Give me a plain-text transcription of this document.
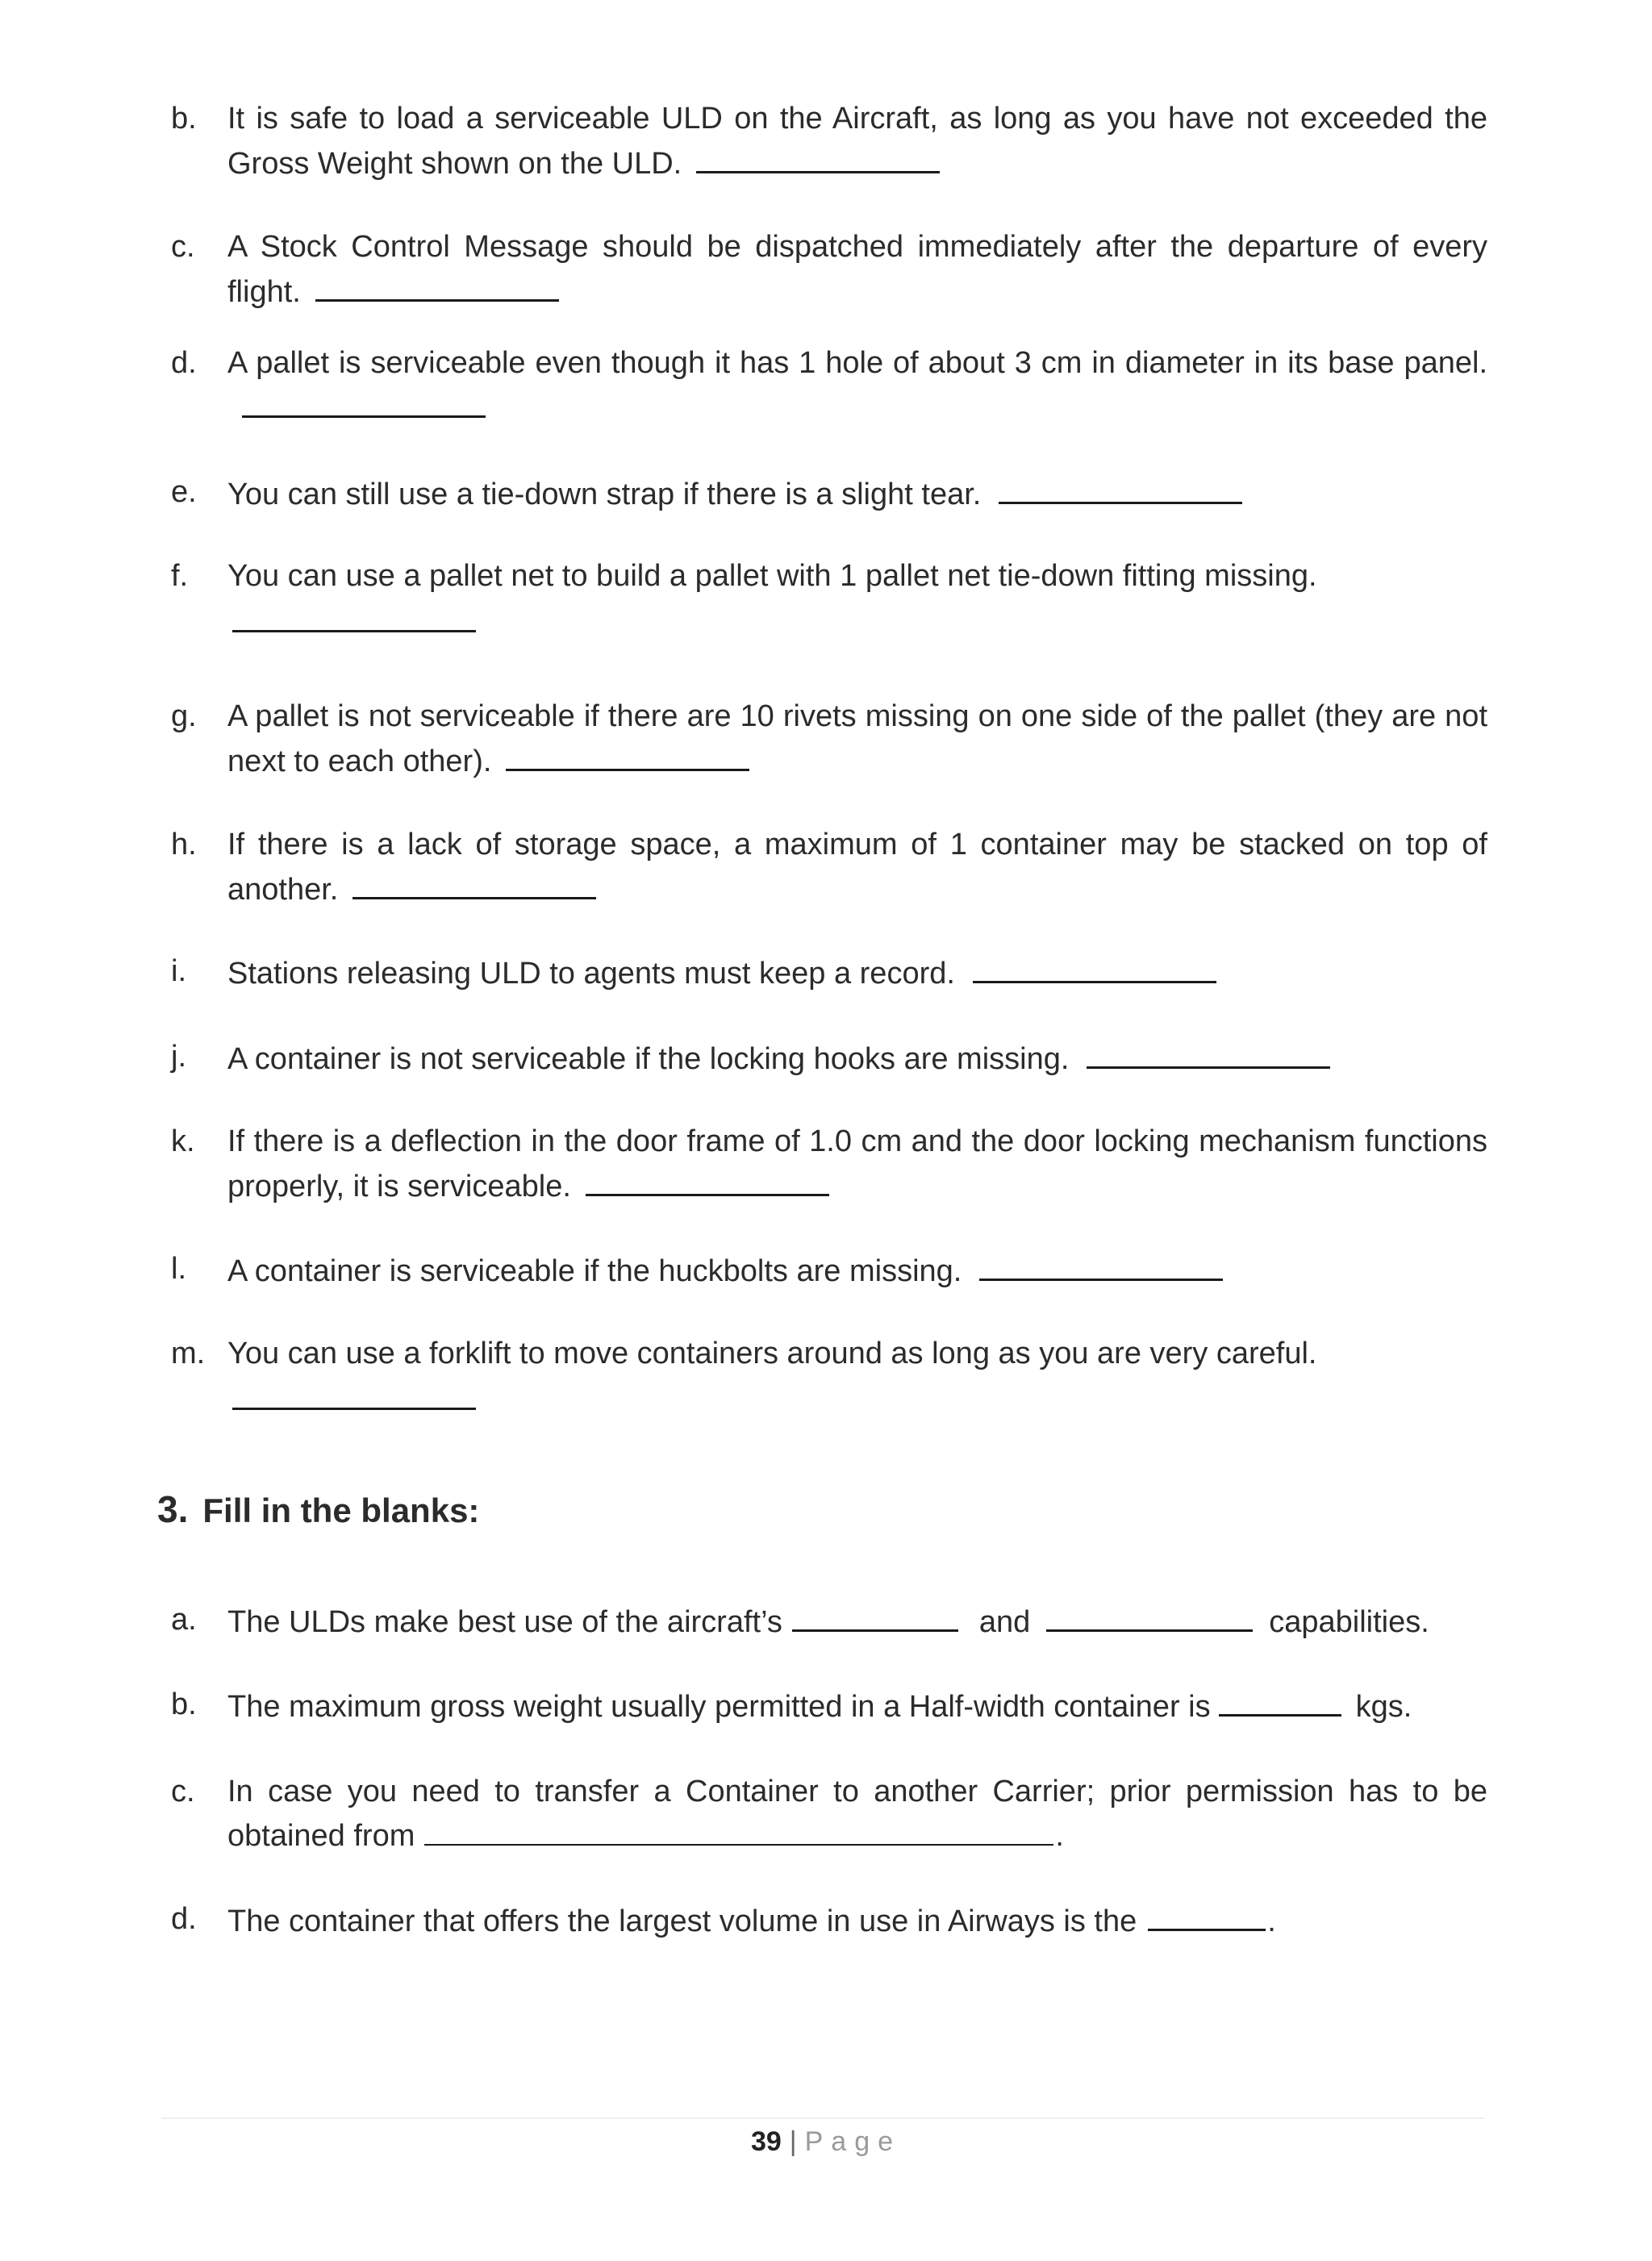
b. It is safe to load a serviceable ULD on the Aircraft, as long as you have not exceeded the Gross Weight shown on the ULD.
c. A Stock Control Message should be dispatched immediately after the departure of every flight.
d. A pallet is serviceable even though it has 1 hole of about 3 cm in diameter in its base panel.
e. You can still use a tie-down strap if there is a slight tear.
f. You can use a pallet net to build a pallet with 1 pallet net tie-down fitting missing.
g. A pallet is not serviceable if there are 10 rivets missing on one side of the pallet (they are not next to each other).
h. If there is a lack of storage space, a maximum of 1 container may be stacked on top of another.
i. Stations releasing ULD to agents must keep a record.
j. A container is not serviceable if the locking hooks are missing.
k. If there is a deflection in the door frame of 1.0 cm and the door locking mechanism functions properly, it is serviceable.
l. A container is serviceable if the huckbolts are missing.
m. You can use a forklift to move containers around as long as you are very careful.
3. Fill in the blanks:
a. The ULDs make best use of the aircraft’s	and	capabilities.
b. The maximum gross weight usually permitted in a Half-width container is	kgs.
c. In case you need to transfer a Container to another Carrier; prior permission has to be obtained from	.
d. The container that offers the largest volume in use in Airways is the	.
39 | Page
